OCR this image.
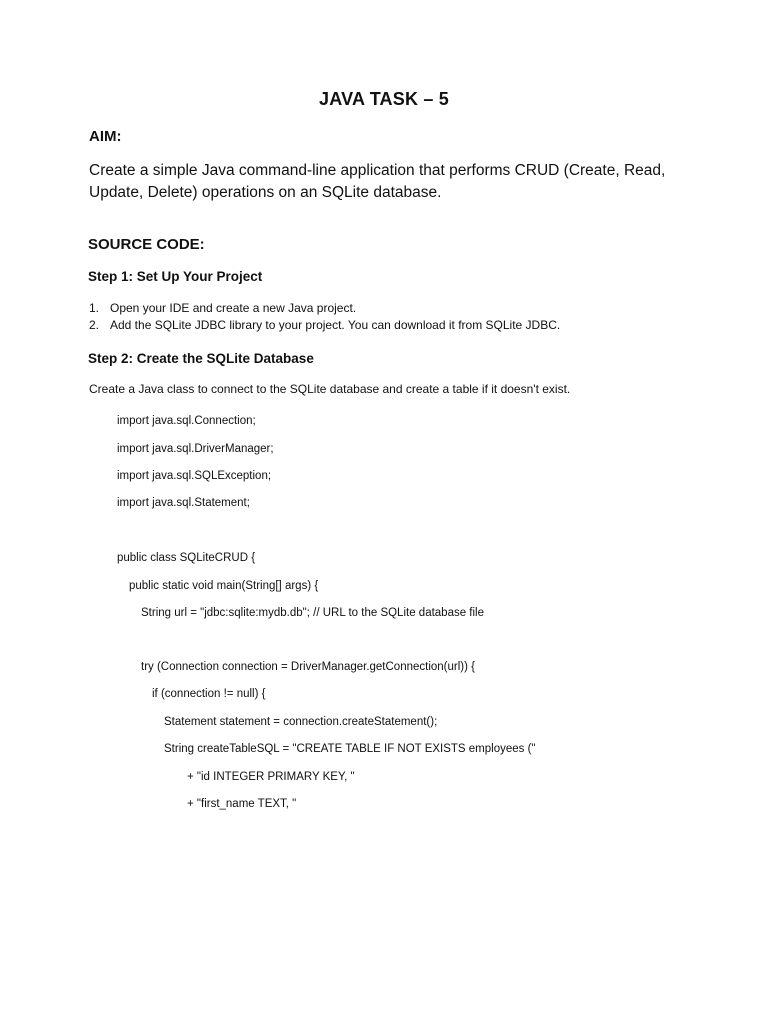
JAVA TASK – 5
AIM:
Create a simple Java command-line application that performs CRUD (Create, Read, Update, Delete) operations on an SQLite database.
SOURCE CODE:
Step 1: Set Up Your Project
1. Open your IDE and create a new Java project.
2. Add the SQLite JDBC library to your project. You can download it from SQLite JDBC.
Step 2: Create the SQLite Database
Create a Java class to connect to the SQLite database and create a table if it doesn't exist.
import java.sql.Connection;
import java.sql.DriverManager;
import java.sql.SQLException;
import java.sql.Statement;
public class SQLiteCRUD {
public static void main(String[] args) {
String url = "jdbc:sqlite:mydb.db"; // URL to the SQLite database file
try (Connection connection = DriverManager.getConnection(url)) {
if (connection != null) {
Statement statement = connection.createStatement();
String createTableSQL = "CREATE TABLE IF NOT EXISTS employees ("
+ "id INTEGER PRIMARY KEY, "
+ "first_name TEXT, "
